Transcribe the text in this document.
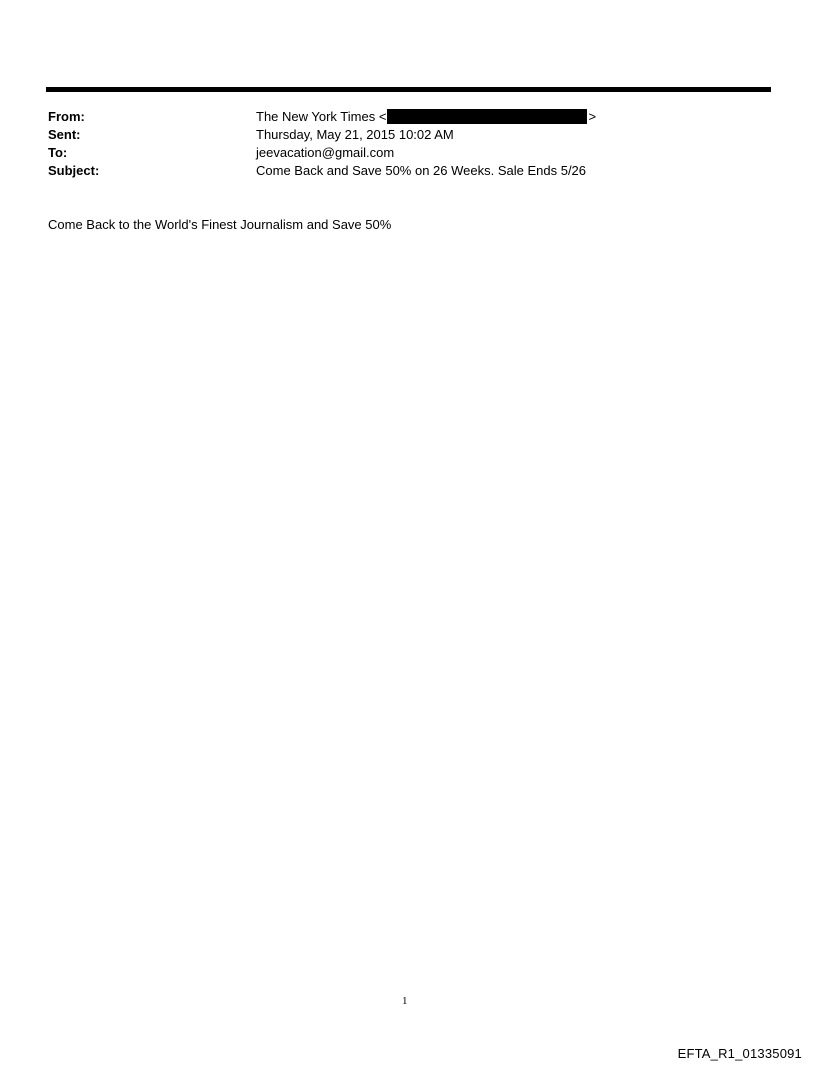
From:	The New York Times <	>
Sent:	Thursday, May 21, 2015 10:02 AM
To:	jeevacation@gmail.com
Subject:	Come Back and Save 50% on 26 Weeks. Sale Ends 5/26
Come Back to the World's Finest Journalism and Save 50%
1
EFTA_R1_01335091
